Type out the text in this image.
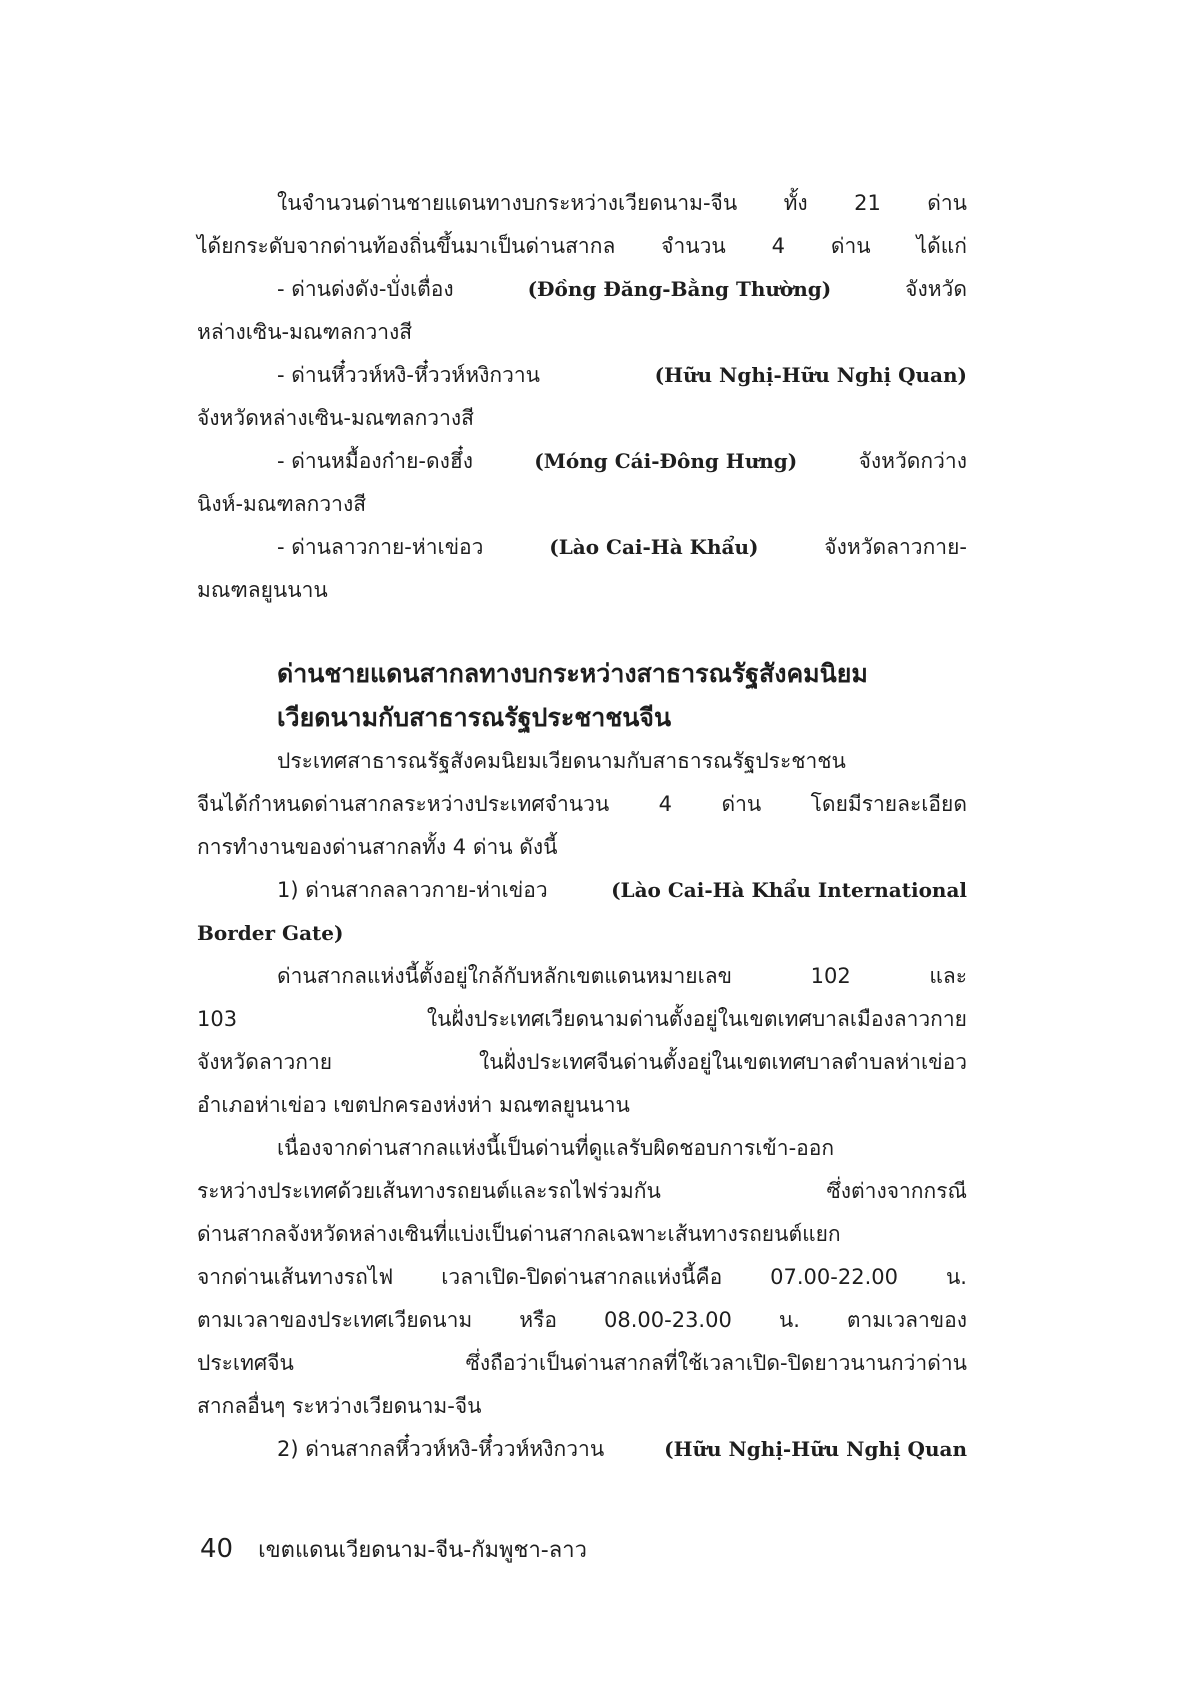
ในจำนวนด่านชายแดนทางบกระหว่างเวียดนาม-จีน ทั้ง 21 ด่าน
ได้ยกระดับจากด่านท้องถิ่นขึ้นมาเป็นด่านสากล จำนวน 4 ด่าน ได้แก่
- ด่านด่งดัง-บั่งเตื่อง	(Đồng Đăng-Bằng Thường)	จังหวัด
หล่างเซิน-มณฑลกวางสี
- ด่านหึ๋ววห์หงิ-หึ๋ววห์หงิกวาน	(Hữu Nghị-Hữu Nghị Quan)
จังหวัดหล่างเซิน-มณฑลกวางสี
- ด่านหมื้องก๋าย-ดงฮึ๋ง	(Móng Cái-Đông Hưng)	จังหวัดกว่าง
นิงห์-มณฑลกวางสี
- ด่านลาวกาย-ห่าเข่อว	(Lào Cai-Hà Khẩu)	จังหวัดลาวกาย-
มณฑลยูนนาน
ด่านชายแดนสากลทางบกระหว่างสาธารณรัฐสังคมนิยม
เวียดนามกับสาธารณรัฐประชาชนจีน
ประเทศสาธารณรัฐสังคมนิยมเวียดนามกับสาธารณรัฐประชาชน
จีนได้กำหนดด่านสากลระหว่างประเทศจำนวน 4 ด่าน โดยมีรายละเอียด
การทำงานของด่านสากลทั้ง 4 ด่าน ดังนี้
1) ด่านสากลลาวกาย-ห่าเข่อว	(Lào Cai-Hà Khẩu International
Border Gate)
ด่านสากลแห่งนี้ตั้งอยู่ใกล้กับหลักเขตแดนหมายเลข	102	และ
103	ในฝั่งประเทศเวียดนามด่านตั้งอยู่ในเขตเทศบาลเมืองลาวกาย
จังหวัดลาวกาย	ในฝั่งประเทศจีนด่านตั้งอยู่ในเขตเทศบาลตำบลห่าเข่อว
อำเภอห่าเข่อว เขตปกครองห่งห่า มณฑลยูนนาน
เนื่องจากด่านสากลแห่งนี้เป็นด่านที่ดูแลรับผิดชอบการเข้า-ออก
ระหว่างประเทศด้วยเส้นทางรถยนต์และรถไฟร่วมกัน	ซึ่งต่างจากกรณี
ด่านสากลจังหวัดหล่างเซินที่แบ่งเป็นด่านสากลเฉพาะเส้นทางรถยนต์แยก
จากด่านเส้นทางรถไฟ เวลาเปิด-ปิดด่านสากลแห่งนี้คือ 07.00-22.00 น.
ตามเวลาของประเทศเวียดนาม หรือ 08.00-23.00 น. ตามเวลาของ
ประเทศจีน	ซึ่งถือว่าเป็นด่านสากลที่ใช้เวลาเปิด-ปิดยาวนานกว่าด่าน
สากลอื่นๆ ระหว่างเวียดนาม-จีน
2) ด่านสากลหึ๋ววห์หงิ-หึ๋ววห์หงิกวาน	(Hữu Nghị-Hữu Nghị Quan
40 เขตแดนเวียดนาม-จีน-กัมพูชา-ลาว
